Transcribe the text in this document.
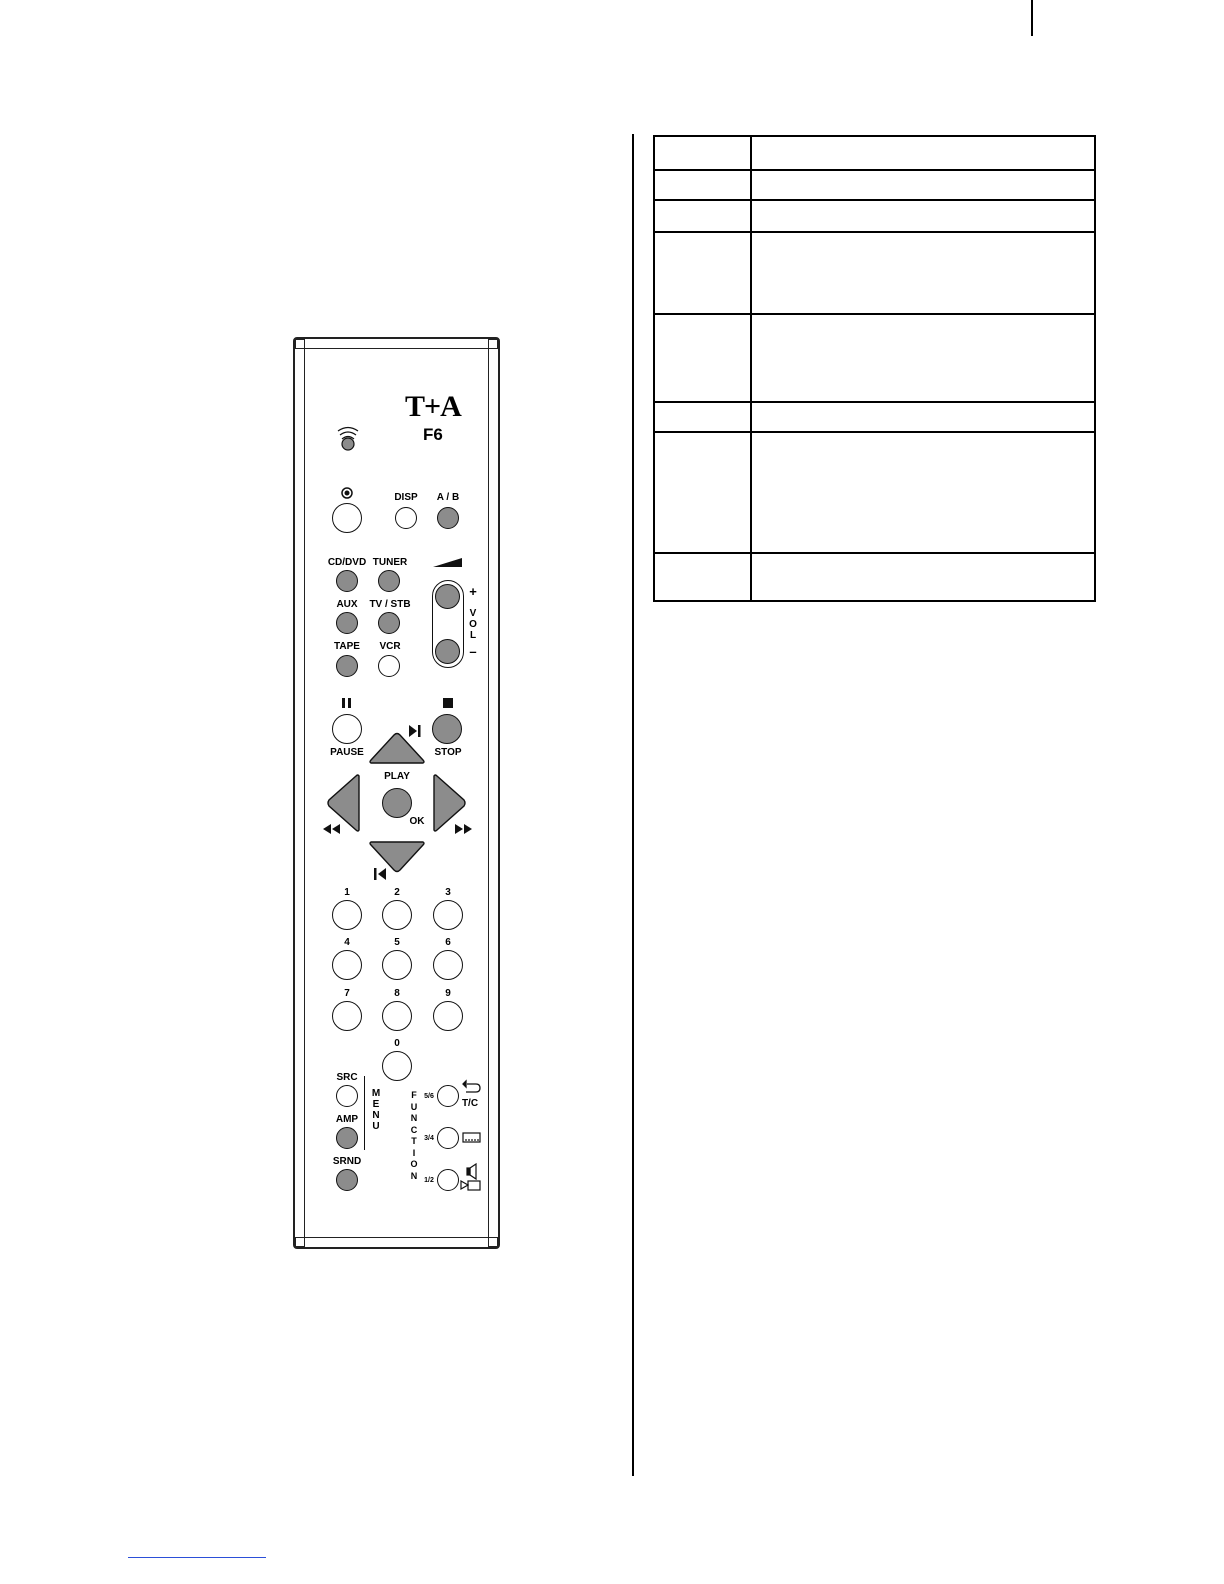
T+A
F6
DISP A / B
CD/DVD TUNER
AUX TV / STB
TAPE VCR
+
V
O
L
–
PAUSE	STOP
PLAY
OK
1	2	3
4	5	6
7	8	9
0
SRC
AMP
SRND
M
E
N
U
F
U
N
C
T
I
O
N
5/6
T/C
3/4
1/2
